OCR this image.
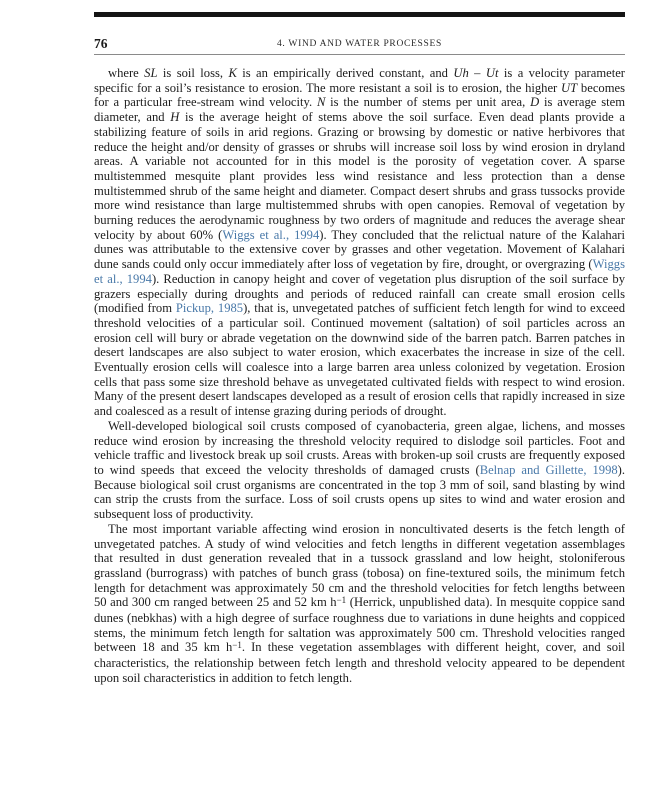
76	4. WIND AND WATER PROCESSES

where SL is soil loss, K is an empirically derived constant, and Uh – Ut is a velocity parameter specific for a soil’s resistance to erosion. The more resistant a soil is to erosion, the higher UT becomes for a particular free-stream wind velocity. N is the number of stems per unit area, D is average stem diameter, and H is the average height of stems above the soil surface. Even dead plants provide a stabilizing feature of soils in arid regions. Grazing or browsing by domestic or native herbivores that reduce the height and/or density of grasses or shrubs will increase soil loss by wind erosion in dryland areas. A variable not accounted for in this model is the porosity of vegetation cover. A sparse multistemmed mesquite plant provides less wind resistance and less protection than a dense multistemmed shrub of the same height and diameter. Compact desert shrubs and grass tussocks provide more wind resistance than large multistemmed shrubs with open canopies. Removal of vegetation by burning reduces the aerodynamic roughness by two orders of magnitude and reduces the average shear velocity by about 60% (Wiggs et al., 1994). They concluded that the relictual nature of the Kalahari dunes was attributable to the extensive cover by grasses and other vegetation. Movement of Kalahari dune sands could only occur immediately after loss of vegetation by fire, drought, or overgrazing (Wiggs et al., 1994). Reduction in canopy height and cover of vegetation plus disruption of the soil surface by grazers especially during droughts and periods of reduced rainfall can create small erosion cells (modified from Pickup, 1985), that is, unvegetated patches of sufficient fetch length for wind to exceed threshold velocities of a particular soil. Continued movement (saltation) of soil particles across an erosion cell will bury or abrade vegetation on the downwind side of the barren patch. Barren patches in desert landscapes are also subject to water erosion, which exacerbates the increase in size of the cell. Eventually erosion cells will coalesce into a large barren area unless colonized by vegetation. Erosion cells that pass some size threshold behave as unvegetated cultivated fields with respect to wind erosion. Many of the present desert landscapes developed as a result of erosion cells that rapidly increased in size and coalesced as a result of intense grazing during periods of drought.

Well-developed biological soil crusts composed of cyanobacteria, green algae, lichens, and mosses reduce wind erosion by increasing the threshold velocity required to dislodge soil particles. Foot and vehicle traffic and livestock break up soil crusts. Areas with broken-up soil crusts are frequently exposed to wind speeds that exceed the velocity thresholds of damaged crusts (Belnap and Gillette, 1998). Because biological soil crust organisms are concentrated in the top 3 mm of soil, sand blasting by wind can strip the crusts from the surface. Loss of soil crusts opens up sites to wind and water erosion and subsequent loss of productivity.

The most important variable affecting wind erosion in noncultivated deserts is the fetch length of unvegetated patches. A study of wind velocities and fetch lengths in different vegetation assemblages that resulted in dust generation revealed that in a tussock grassland and low height, stoloniferous grassland (burrograss) with patches of bunch grass (tobosa) on fine-textured soils, the minimum fetch length for detachment was approximately 50 cm and the threshold velocities for fetch lengths between 50 and 300 cm ranged between 25 and 52 km $h^{-1}$ (Herrick, unpublished data). In mesquite coppice sand dunes (nebkhas) with a high degree of surface roughness due to variations in dune heights and coppiced stems, the minimum fetch length for saltation was approximately 500 cm. Threshold velocities ranged between 18 and 35 km $h^{-1}$. In these vegetation assemblages with different height, cover, and soil characteristics, the relationship between fetch length and threshold velocity appeared to be dependent upon soil characteristics in addition to fetch length.
